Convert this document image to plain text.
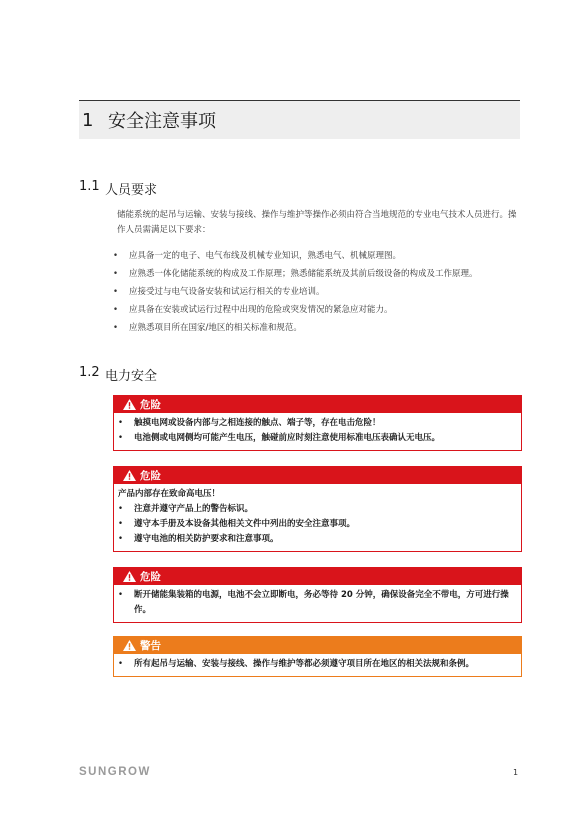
1 安全注意事项
1.1 人员要求
储能系统的起吊与运输、安装与接线、操作与维护等操作必须由符合当地规范的专业电气技术人员进行。操作人员需满足以下要求：
• 应具备一定的电子、电气布线及机械专业知识，熟悉电气、机械原理图。
• 应熟悉一体化储能系统的构成及工作原理；熟悉储能系统及其前后级设备的构成及工作原理。
• 应接受过与电气设备安装和试运行相关的专业培训。
• 应具备在安装或试运行过程中出现的危险或突发情况的紧急应对能力。
• 应熟悉项目所在国家/地区的相关标准和规范。
1.2 电力安全
危险
• 触摸电网或设备内部与之相连接的触点、端子等，存在电击危险！
• 电池侧或电网侧均可能产生电压，触碰前应时刻注意使用标准电压表确认无电压。
危险
产品内部存在致命高电压！
• 注意并遵守产品上的警告标识。
• 遵守本手册及本设备其他相关文件中列出的安全注意事项。
• 遵守电池的相关防护要求和注意事项。
危险
• 断开储能集装箱的电源，电池不会立即断电，务必等待 20 分钟，确保设备完全不带电，方可进行操作。
警告
• 所有起吊与运输、安装与接线、操作与维护等都必须遵守项目所在地区的相关法规和条例。
SUNGROW	1
